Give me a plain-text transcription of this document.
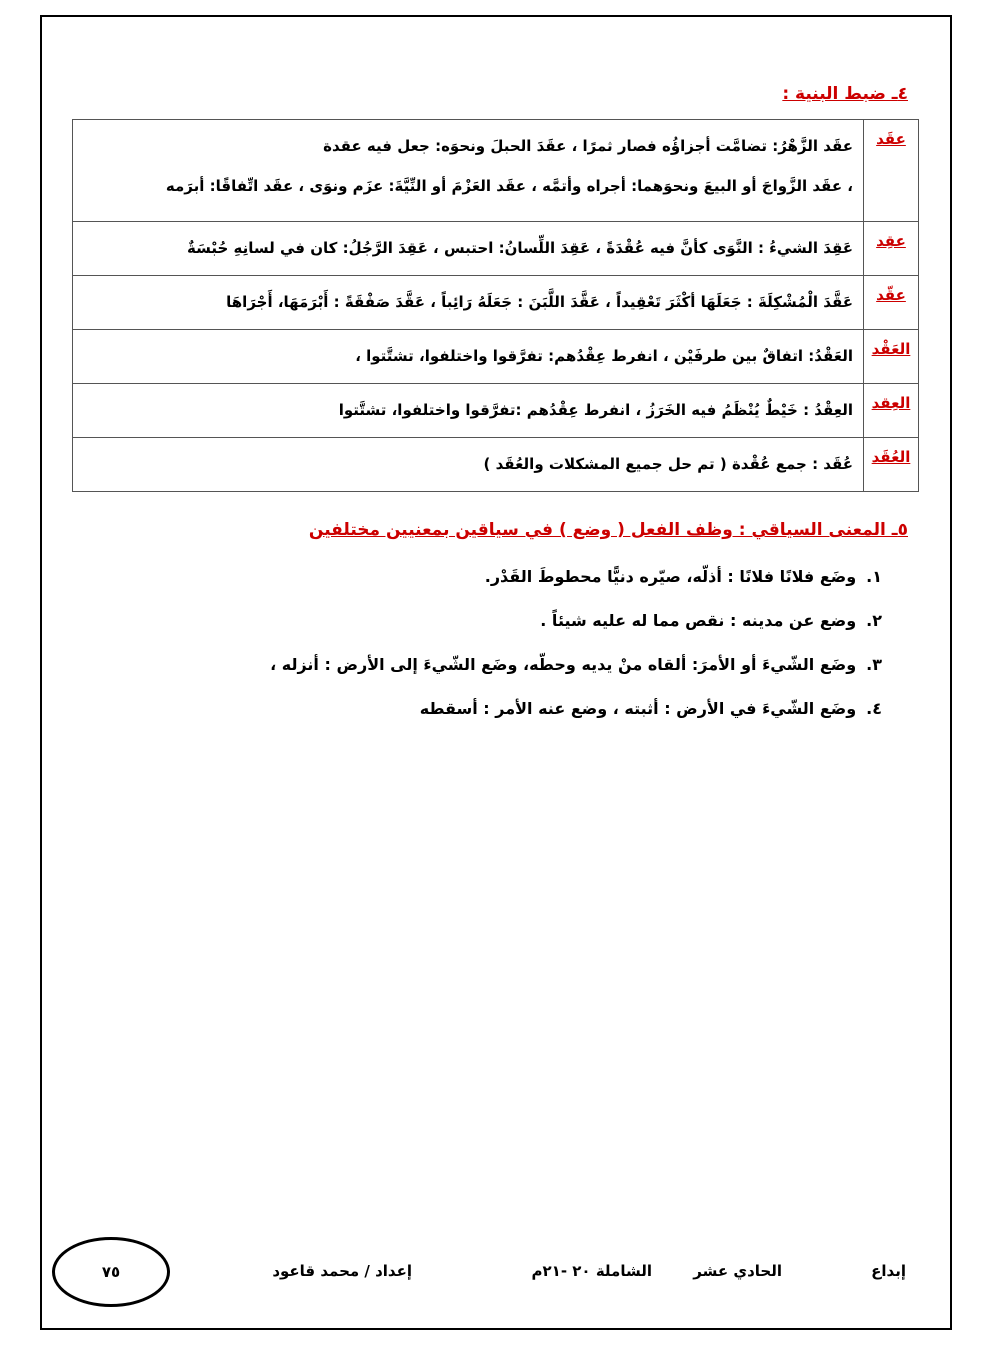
٤ـ ضبط البنية :
عقَد	عقَد الزَّهْرُ: تضامَّت أجزاؤُه فصار ثمرًا ، عقَدَ الحبلَ ونحوَه: جعل فيه عقدة
، عقَد الزَّواجَ أو البيعَ ونحوَهما: أجراه وأتمَّه ، عقَد العَزْمَ أو النِّيَّةَ: عزَم ونوَى ، عقَد اتِّفاقًا: أبرَمه

عقِد	عَقِدَ الشيءُ : النَّوَى كأنَّ فيه عُقْدَةً ، عَقِدَ اللِّسانُ: احتبس ، عَقِدَ الرَّجُلُ: كان في لسانِهِ حُبْسَةٌ

عقّد	عَقَّدَ الْمُشْكِلَةَ : جَعَلَهَا أكْثَرَ تَعْقِيداً ، عَقَّدَ اللَّبَنَ : جَعَلَهُ رَائِباً ، عَقَّدَ صَفْقَةً : أَبْرَمَهَا، أَجْرَاهَا

العَقْد	العَقْدُ: اتفاقٌ بين طرفَيْن ، انفرط عِقْدُهم: تفرَّقوا واختلفوا، تشتَّتوا ،

العِقد	العِقْدُ : خَيْطٌ يُنْظَمُ فيه الخَرَزُ ، انفرط عِقْدُهم :تفرَّقوا واختلفوا، تشتَّتوا

العُقَد	عُقَد : جمع عُقْدة ( تم حل جميع المشكلات والعُقَد )
٥ـ المعنى السياقي : وظف الفعل ( وضع ) في سياقين بمعنيين مختلفين
١.وضَع فلانًا فلانًا : أذلّه، صيّره دنيًّا محطوطَ القَدْر.
٢.وضع عن مدينه : نقص مما له عليه شيئاً .
٣.وضَع الشّيءَ أو الأمرَ: ألقاه منْ يديه وحطّه، وضَع الشّيءَ إلى الأرض : أنزله ،
٤.وضَع الشّيءَ في الأرض : أثبته ، وضع عنه الأمر : أسقطه
إبداع
الحادي عشر
الشاملة ٢٠ -٢١م
إعداد / محمد قاعود
٧٥
